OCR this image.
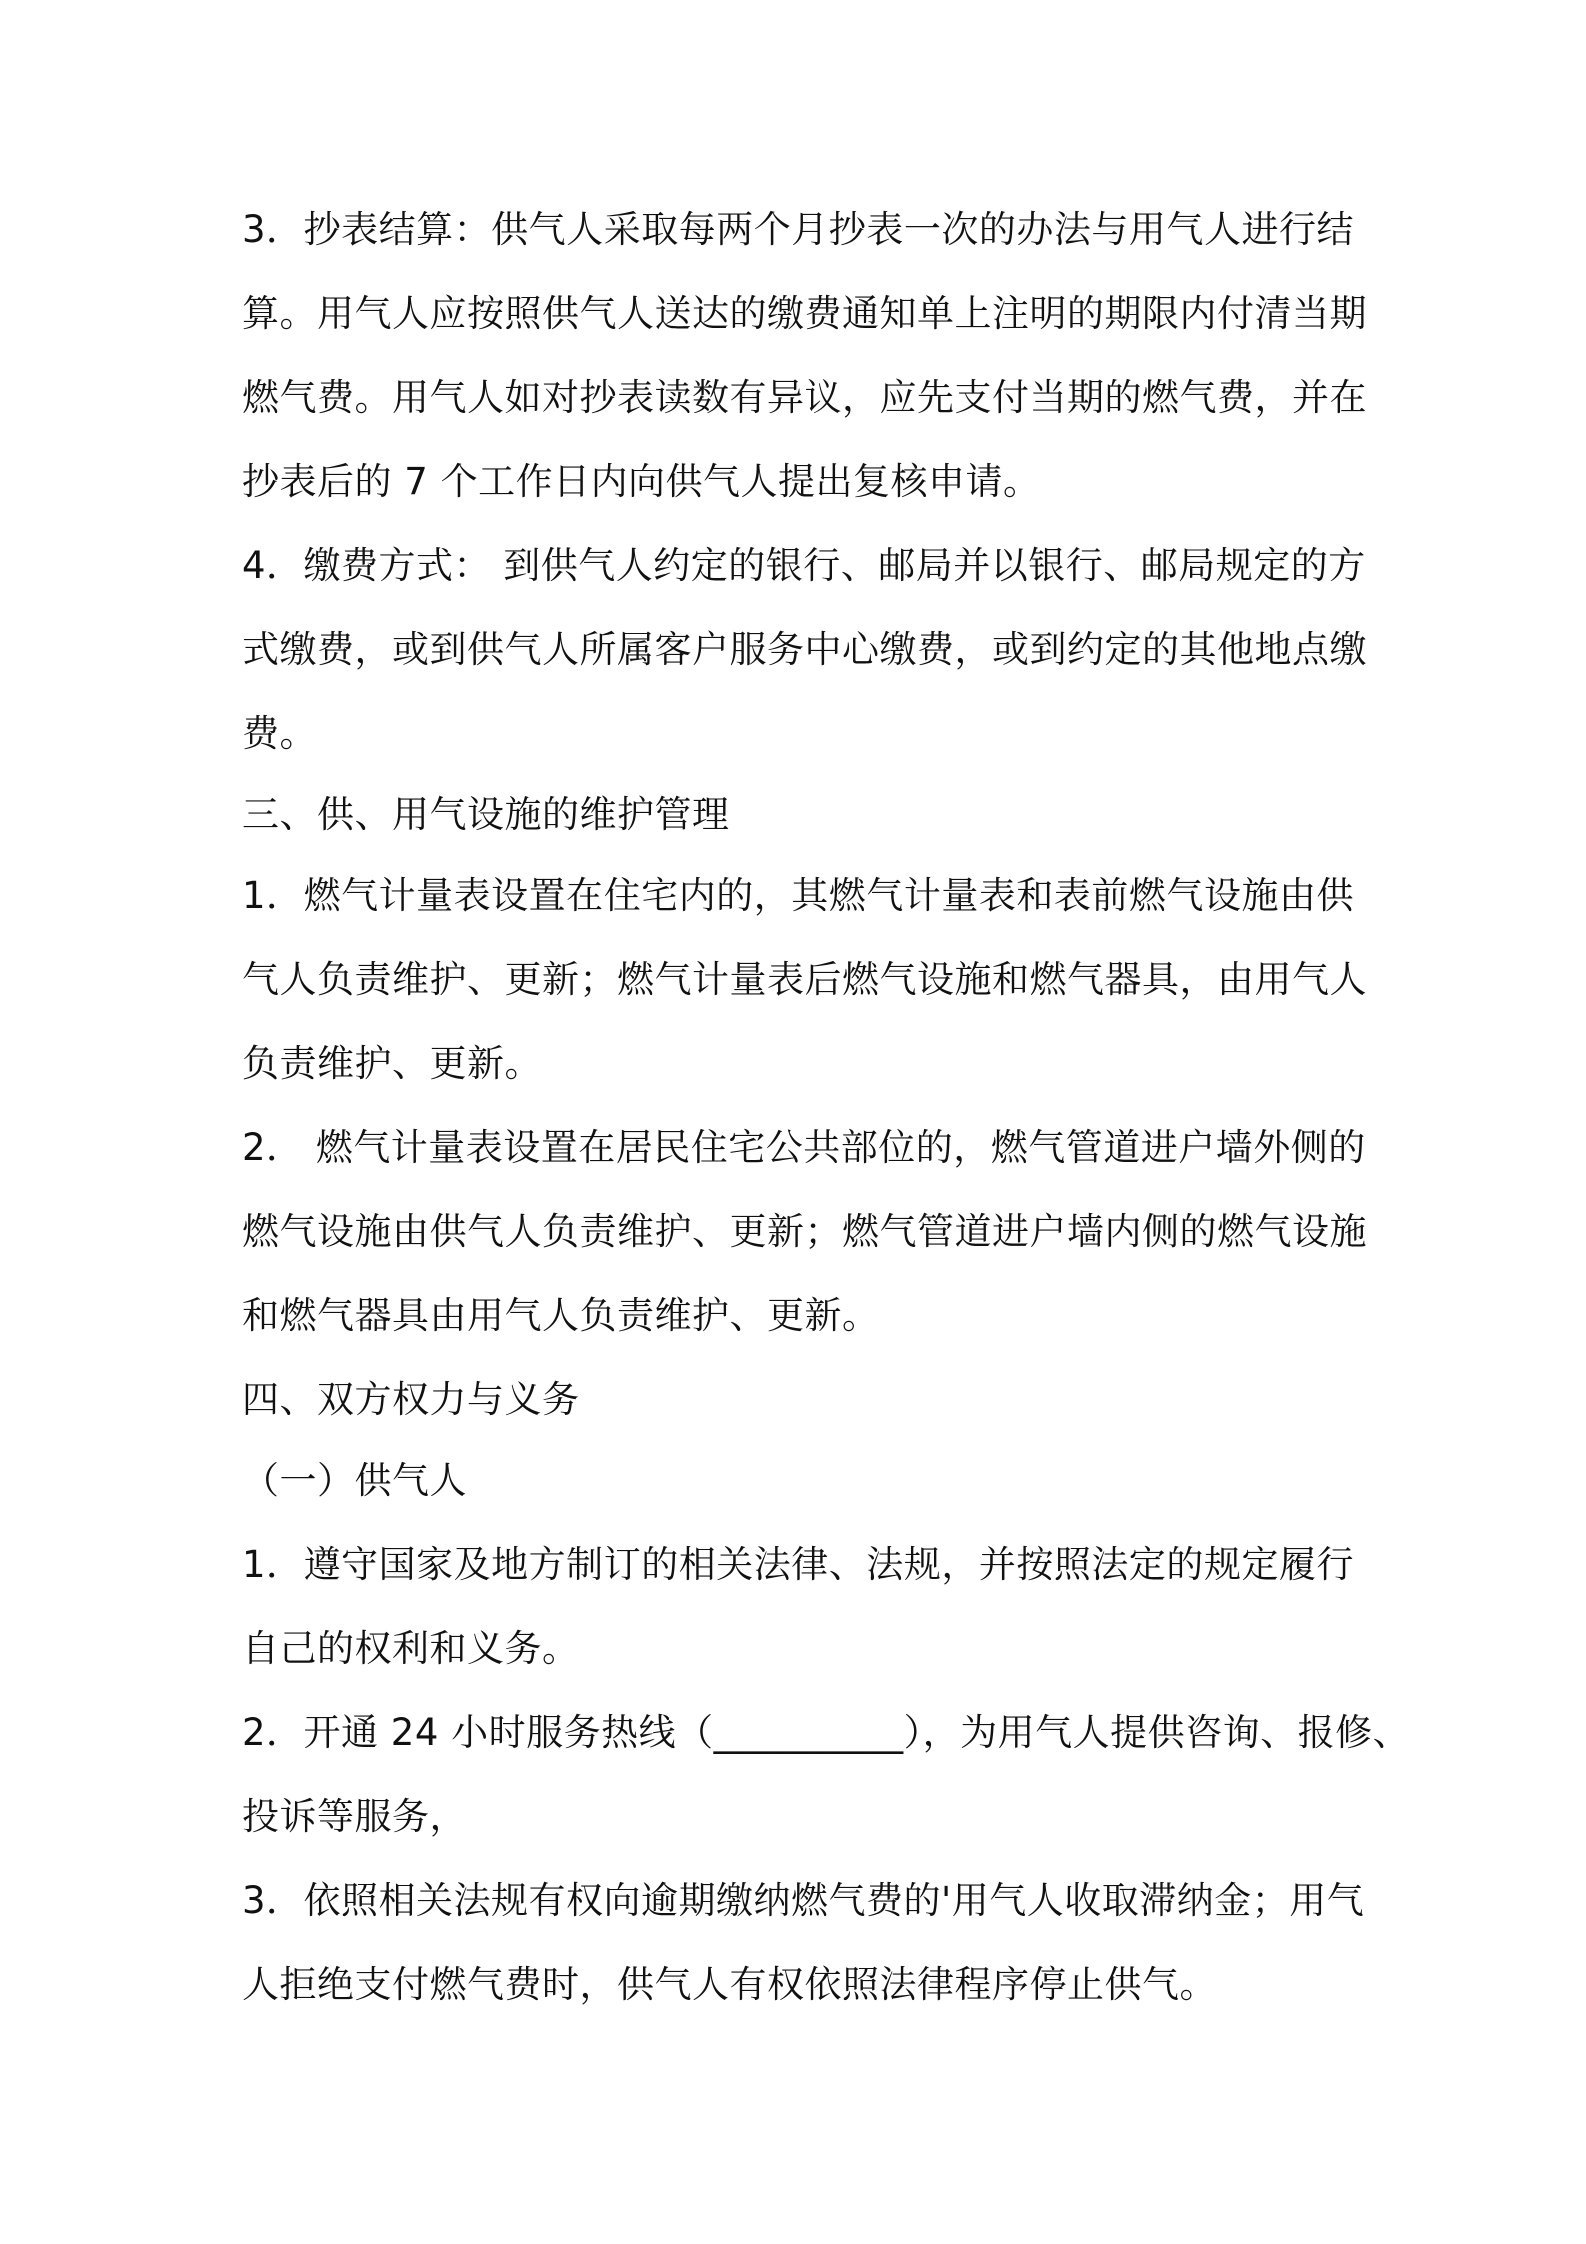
3．抄表结算：供气人采取每两个月抄表一次的办法与用气人进行结
算。用气人应按照供气人送达的缴费通知单上注明的期限内付清当期
燃气费。用气人如对抄表读数有异议，应先支付当期的燃气费，并在
抄表后的 7 个工作日内向供气人提出复核申请。
4．缴费方式： 到供气人约定的银行、邮局并以银行、邮局规定的方
式缴费，或到供气人所属客户服务中心缴费，或到约定的其他地点缴
费。
三、供、用气设施的维护管理
1．燃气计量表设置在住宅内的，其燃气计量表和表前燃气设施由供
气人负责维护、更新；燃气计量表后燃气设施和燃气器具，由用气人
负责维护、更新。
2． 燃气计量表设置在居民住宅公共部位的，燃气管道进户墙外侧的
燃气设施由供气人负责维护、更新；燃气管道进户墙内侧的燃气设施
和燃气器具由用气人负责维护、更新。
四、双方权力与义务
（一）供气人
1．遵守国家及地方制订的相关法律、法规，并按照法定的规定履行
自己的权利和义务。
2．开通 24 小时服务热线（__________），为用气人提供咨询、报修、
投诉等服务，
3．依照相关法规有权向逾期缴纳燃气费的'用气人收取滞纳金；用气
人拒绝支付燃气费时，供气人有权依照法律程序停止供气。
